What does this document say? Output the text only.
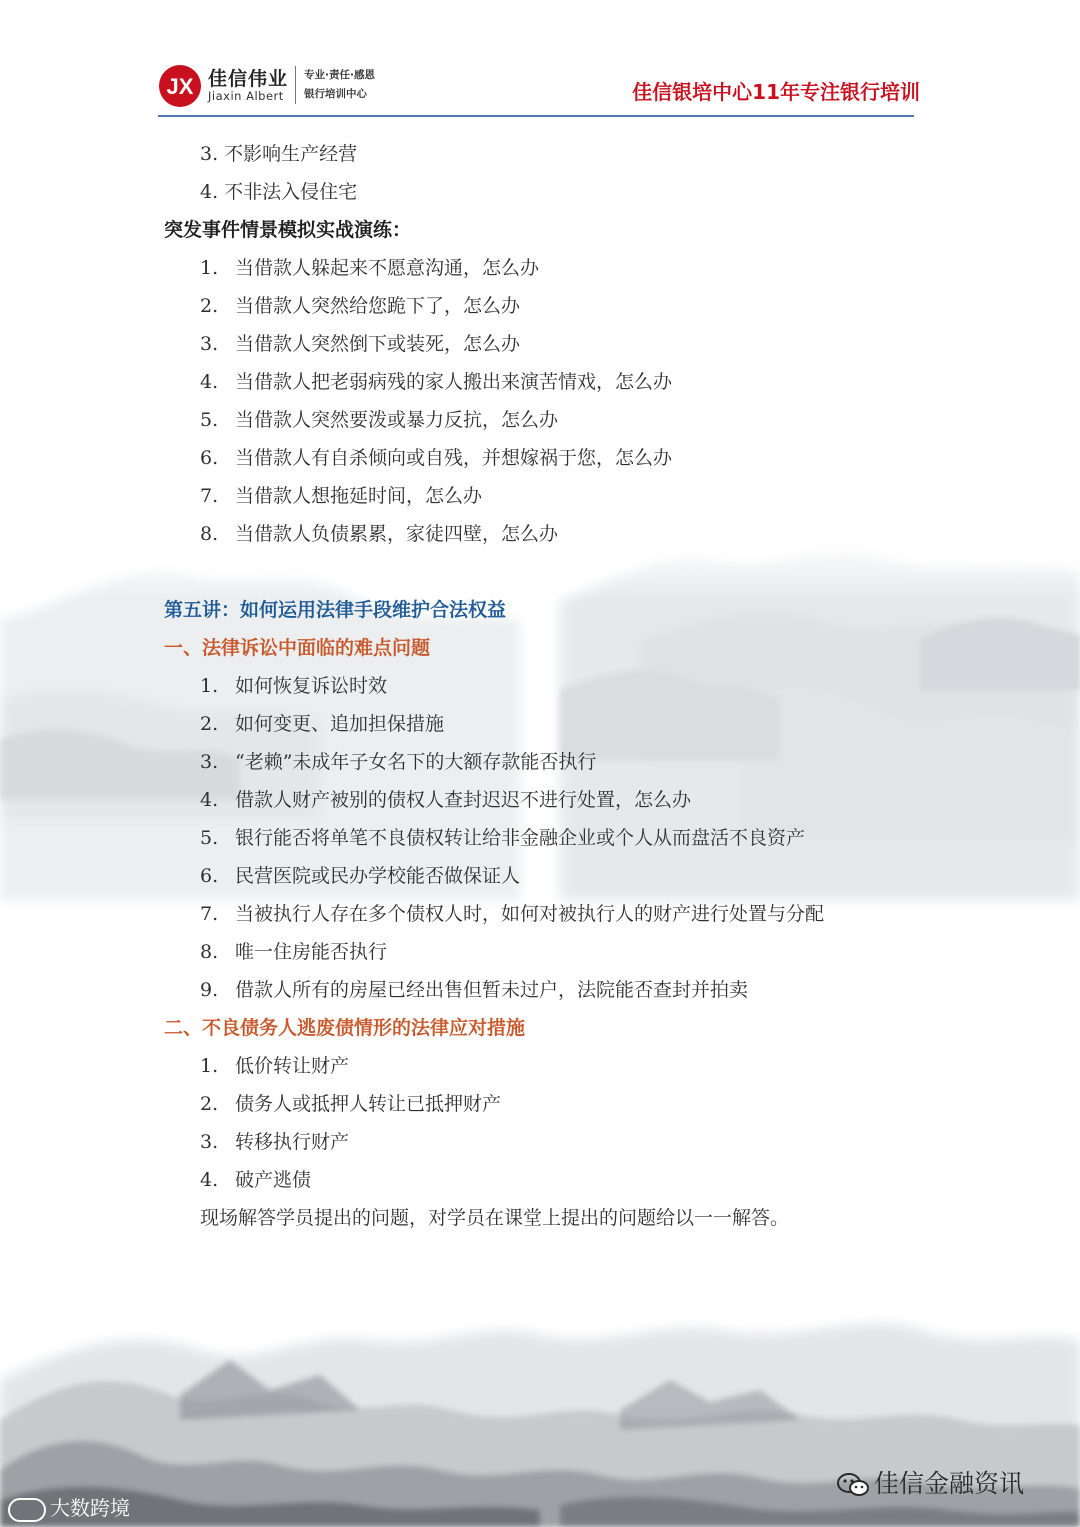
JX 佳信伟业
Jiaxin Albert
专业·责任·感恩
银行培训中心	佳信银培中心11年专注银行培训
3. 不影响生产经营
4. 不非法入侵住宅
突发事件情景模拟实战演练：
1. 当借款人躲起来不愿意沟通，怎么办
2. 当借款人突然给您跪下了，怎么办
3. 当借款人突然倒下或装死，怎么办
4. 当借款人把老弱病残的家人搬出来演苦情戏，怎么办
5. 当借款人突然要泼或暴力反抗，怎么办
6. 当借款人有自杀倾向或自残，并想嫁祸于您，怎么办
7. 当借款人想拖延时间，怎么办
8. 当借款人负债累累，家徒四壁，怎么办
第五讲：如何运用法律手段维护合法权益
一、法律诉讼中面临的难点问题
1. 如何恢复诉讼时效
2. 如何变更、追加担保措施
3. “老赖”未成年子女名下的大额存款能否执行
4. 借款人财产被别的债权人查封迟迟不进行处置，怎么办
5. 银行能否将单笔不良债权转让给非金融企业或个人从而盘活不良资产
6. 民营医院或民办学校能否做保证人
7. 当被执行人存在多个债权人时，如何对被执行人的财产进行处置与分配
8. 唯一住房能否执行
9. 借款人所有的房屋已经出售但暂未过户，法院能否查封并拍卖
二、不良债务人逃废债情形的法律应对措施
1. 低价转让财产
2. 债务人或抵押人转让已抵押财产
3. 转移执行财产
4. 破产逃债
现场解答学员提出的问题，对学员在课堂上提出的问题给以一一解答。
大数跨境
佳信金融资讯
